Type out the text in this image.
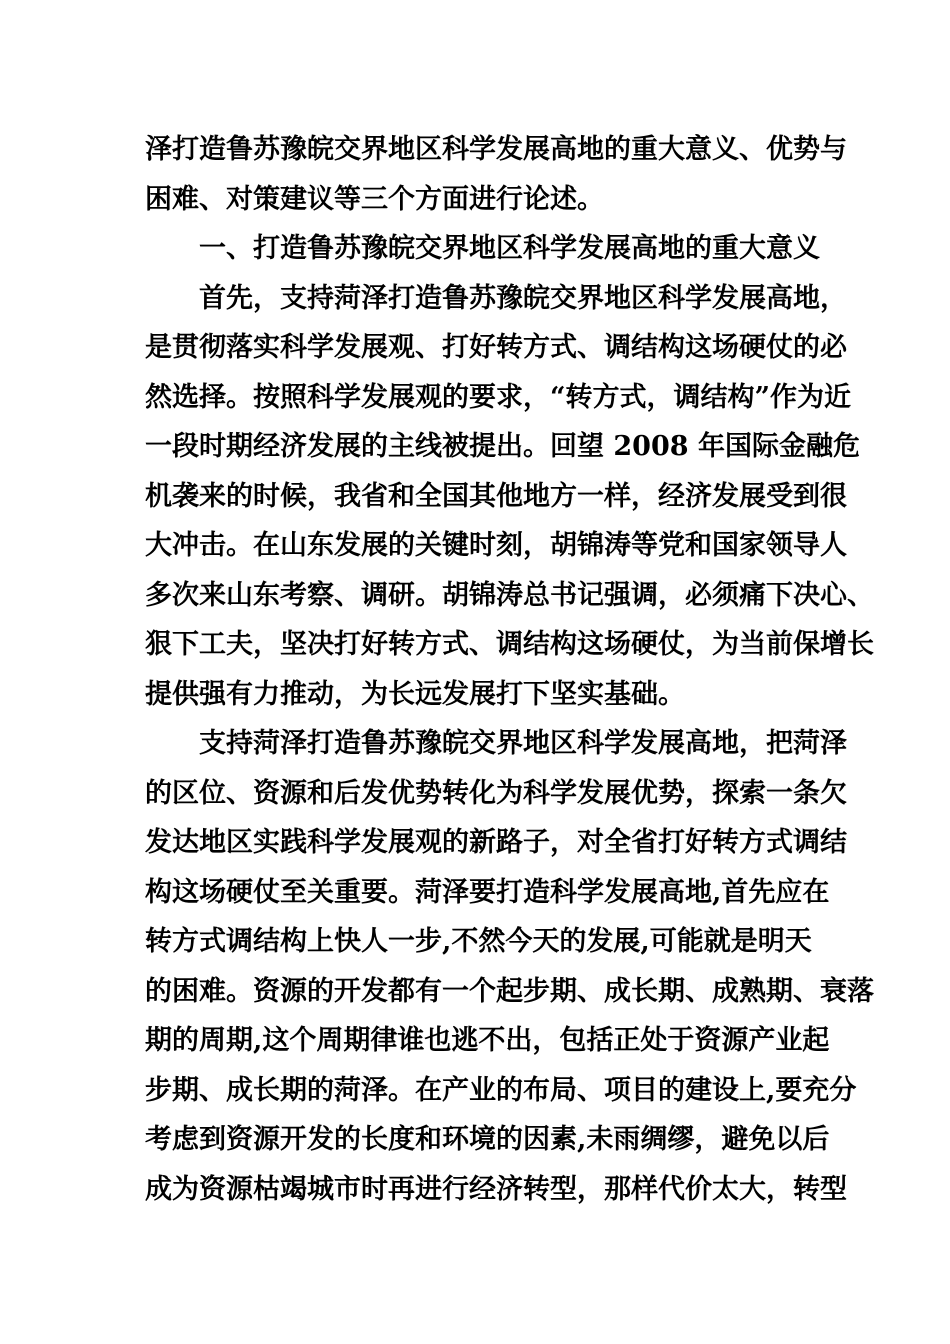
泽打造鲁苏豫皖交界地区科学发展高地的重大意义、优势与
困难、对策建议等三个方面进行论述。
一、打造鲁苏豫皖交界地区科学发展高地的重大意义
首先，支持菏泽打造鲁苏豫皖交界地区科学发展高地，
是贯彻落实科学发展观、打好转方式、调结构这场硬仗的必
然选择。按照科学发展观的要求，“转方式，调结构”作为近
一段时期经济发展的主线被提出。回望 2008 年国际金融危
机袭来的时候，我省和全国其他地方一样，经济发展受到很
大冲击。在山东发展的关键时刻，胡锦涛等党和国家领导人
多次来山东考察、调研。胡锦涛总书记强调，必须痛下决心、
狠下工夫，坚决打好转方式、调结构这场硬仗，为当前保增长
提供强有力推动，为长远发展打下坚实基础。
支持菏泽打造鲁苏豫皖交界地区科学发展高地，把菏泽
的区位、资源和后发优势转化为科学发展优势，探索一条欠
发达地区实践科学发展观的新路子，对全省打好转方式调结
构这场硬仗至关重要。菏泽要打造科学发展高地,首先应在
转方式调结构上快人一步,不然今天的发展,可能就是明天
的困难。资源的开发都有一个起步期、成长期、成熟期、衰落
期的周期,这个周期律谁也逃不出，包括正处于资源产业起
步期、成长期的菏泽。在产业的布局、项目的建设上,要充分
考虑到资源开发的长度和环境的因素,未雨绸缪，避免以后
成为资源枯竭城市时再进行经济转型，那样代价太大，转型
